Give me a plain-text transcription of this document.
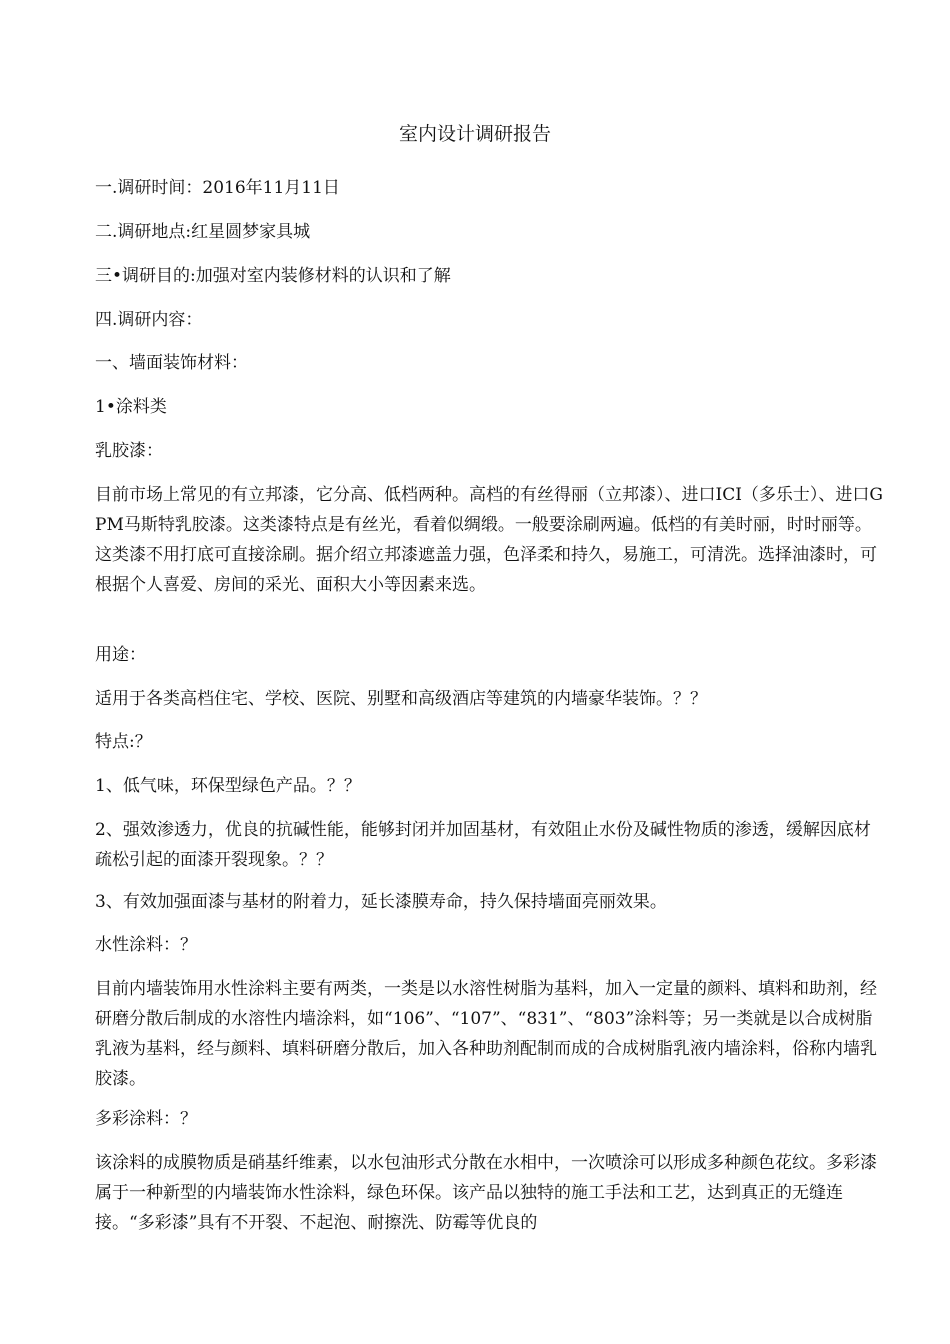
室内设计调研报告
一.调研时间：2016年11月11日
二.调研地点:红星圆梦家具城
三•调研目的:加强对室内装修材料的认识和了解
四.调研内容：
一、墙面装饰材料：
1•涂料类
乳胶漆：
目前市场上常见的有立邦漆，它分高、低档两种。高档的有丝得丽（立邦漆）、进口ICI（多乐士）、进口GPM马斯特乳胶漆。这类漆特点是有丝光，看着似绸缎。一般要涂刷两遍。低档的有美时丽，时时丽等。这类漆不用打底可直接涂刷。据介绍立邦漆遮盖力强，色泽柔和持久，易施工，可清洗。选择油漆时，可根据个人喜爱、房间的采光、面积大小等因素来选。
用途：
适用于各类高档住宅、学校、医院、别墅和高级酒店等建筑的内墙豪华装饰。？？
特点:？
1、低气味，环保型绿色产品。？？
2、强效渗透力，优良的抗碱性能，能够封闭并加固基材，有效阻止水份及碱性物质的渗透，缓解因底材疏松引起的面漆开裂现象。？？
3、有效加强面漆与基材的附着力，延长漆膜寿命，持久保持墙面亮丽效果。
水性涂料：？
目前内墙装饰用水性涂料主要有两类，一类是以水溶性树脂为基料，加入一定量的颜料、填料和助剂，经研磨分散后制成的水溶性内墙涂料，如“106”、“107”、“831”、“803”涂料等；另一类就是以合成树脂乳液为基料，经与颜料、填料研磨分散后，加入各种助剂配制而成的合成树脂乳液内墙涂料，俗称内墙乳胶漆。
多彩涂料：？
该涂料的成膜物质是硝基纤维素，以水包油形式分散在水相中，一次喷涂可以形成多种颜色花纹。多彩漆属于一种新型的内墙装饰水性涂料，绿色环保。该产品以独特的施工手法和工艺，达到真正的无缝连接。“多彩漆”具有不开裂、不起泡、耐擦洗、防霉等优良的
